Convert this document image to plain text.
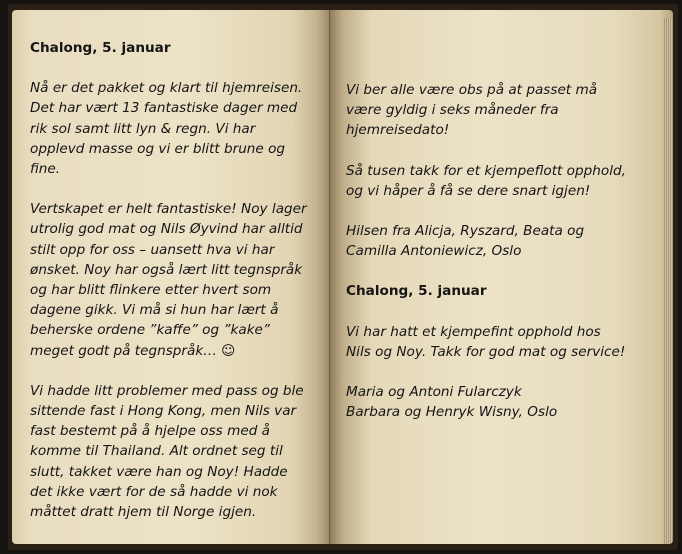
Chalong, 5. januar

Nå er det pakket og klart til hjemreisen.
Det har vært 13 fantastiske dager med
rik sol samt litt lyn & regn. Vi har
opplevd masse og vi er blitt brune og
fine.

Vertskapet er helt fantastiske! Noy lager
utrolig god mat og Nils Øyvind har alltid
stilt opp for oss – uansett hva vi har
ønsket. Noy har også lært litt tegnspråk
og har blitt flinkere etter hvert som
dagene gikk. Vi må si hun har lært å
beherske ordene ”kaffe” og ”kake”
meget godt på tegnspråk… ☺

Vi hadde litt problemer med pass og ble
sittende fast i Hong Kong, men Nils var
fast bestemt på å hjelpe oss med å
komme til Thailand. Alt ordnet seg til
slutt, takket være han og Noy! Hadde
det ikke vært for de så hadde vi nok
måttet dratt hjem til Norge igjen.

Vi ber alle være obs på at passet må
være gyldig i seks måneder fra
hjemreisedato!

Så tusen takk for et kjempeflott opphold,
og vi håper å få se dere snart igjen!

Hilsen fra Alicja, Ryszard, Beata og
Camilla Antoniewicz, Oslo

Chalong, 5. januar

Vi har hatt et kjempefint opphold hos
Nils og Noy. Takk for god mat og service!

Maria og Antoni Fularczyk
Barbara og Henryk Wisny, Oslo
